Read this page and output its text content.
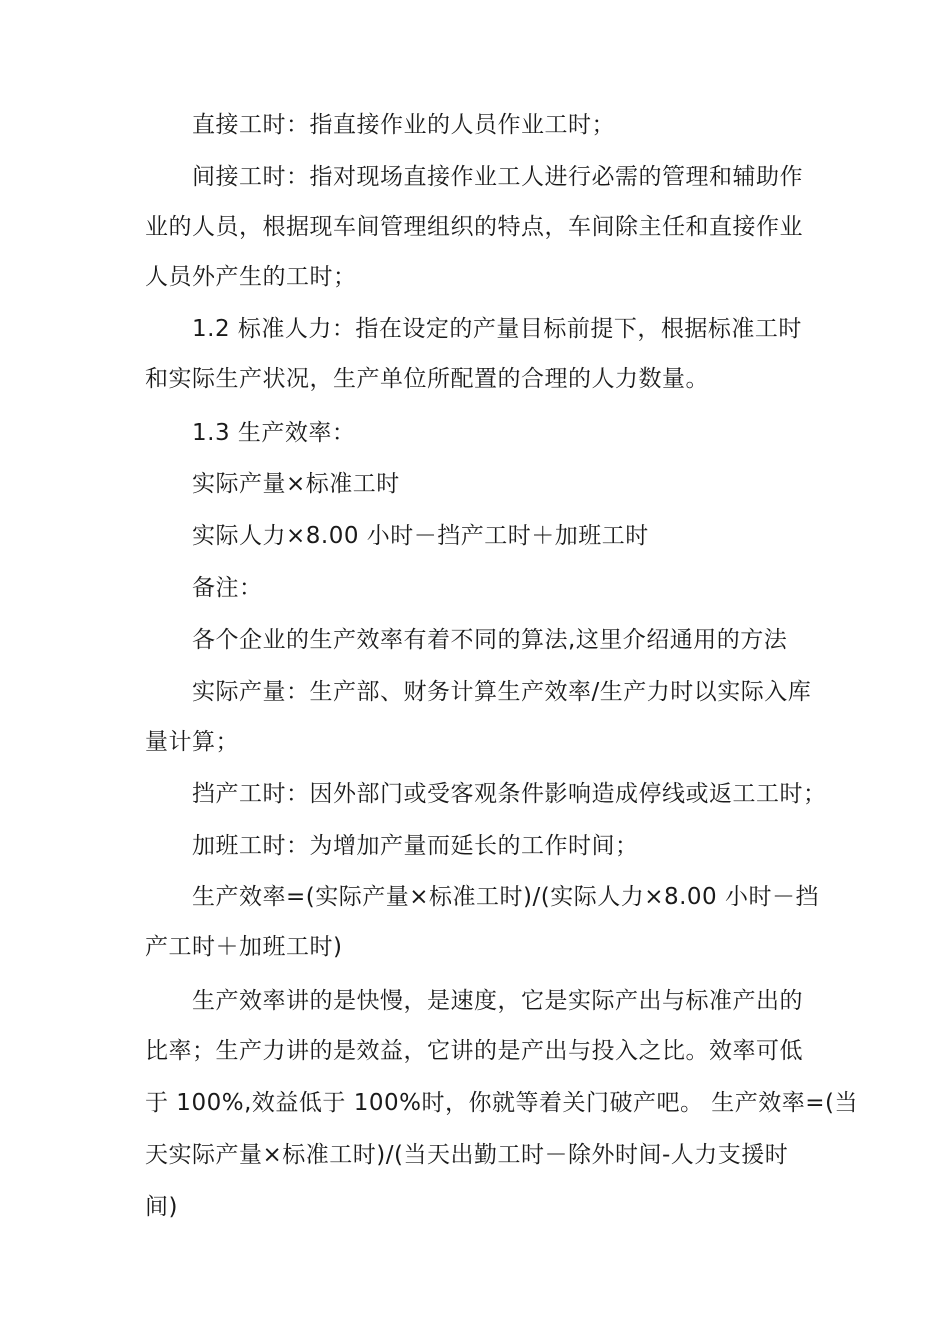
直接工时：指直接作业的人员作业工时；
间接工时：指对现场直接作业工人进行必需的管理和辅助作
业的人员，根据现车间管理组织的特点，车间除主任和直接作业
人员外产生的工时；
1.2 标准人力：指在设定的产量目标前提下，根据标准工时
和实际生产状况，生产单位所配置的合理的人力数量。
1.3 生产效率：
实际产量×标准工时
实际人力×8.00 小时－挡产工时＋加班工时
备注：
各个企业的生产效率有着不同的算法,这里介绍通用的方法
实际产量：生产部、财务计算生产效率/生产力时以实际入库
量计算；
挡产工时：因外部门或受客观条件影响造成停线或返工工时；
加班工时：为增加产量而延长的工作时间；
生产效率=(实际产量×标准工时)/(实际人力×8.00 小时－挡
产工时＋加班工时)
生产效率讲的是快慢，是速度，它是实际产出与标准产出的
比率；生产力讲的是效益，它讲的是产出与投入之比。效率可低
于 100%,效益低于 100%时，你就等着关门破产吧。 生产效率=(当
天实际产量×标准工时)/(当天出勤工时－除外时间-人力支援时
间)
